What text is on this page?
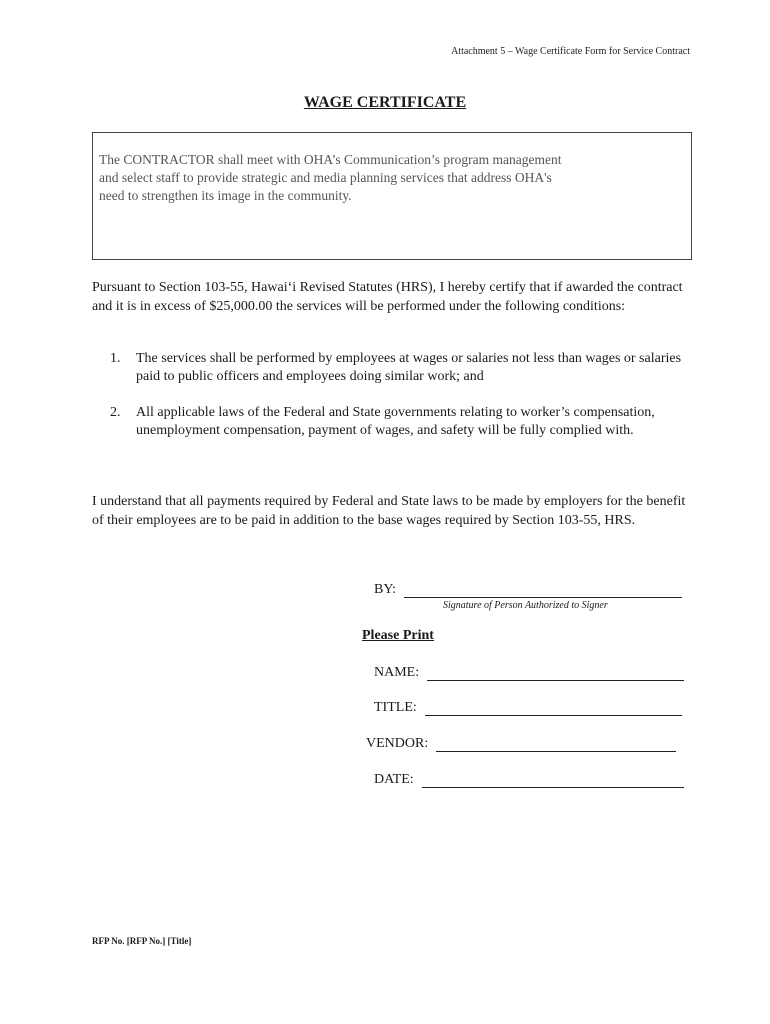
Attachment 5 – Wage Certificate Form for Service Contract
WAGE CERTIFICATE
The CONTRACTOR shall meet with OHA’s Communication’s program management
and select staff to provide strategic and media planning services that address OHA's
need to strengthen its image in the community.
Pursuant to Section 103-55, Hawai‘i Revised Statutes (HRS), I hereby certify that if awarded the contract and it is in excess of $25,000.00 the services will be performed under the following conditions:
1.	The services shall be performed by employees at wages or salaries not less than wages or salaries paid to public officers and employees doing similar work; and
2.	All applicable laws of the Federal and State governments relating to worker’s compensation, unemployment compensation, payment of wages, and safety will be fully complied with.
I understand that all payments required by Federal and State laws to be made by employers for the benefit of their employees are to be paid in addition to the base wages required by Section 103-55, HRS.
BY:
Signature of Person Authorized to Signer
Please Print
NAME:
TITLE:
VENDOR:
DATE:
RFP No. [RFP No.] [Title]
